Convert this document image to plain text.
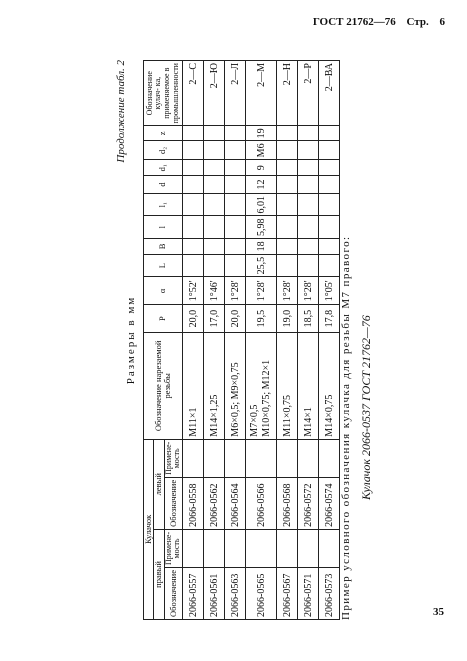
ГОСТ 21762—76 Стр. 6
Продолжение табл. 2
Размеры в мм
Кулачок				Обозначение нарезаемой резьбы	P	α	L	B	l	l₁	d	d₁	d₂	z	Обозначение кулач- ка, применяемое в промышленности
правый		левый													
Обозначение	Примене- мость	Обозначение	Примене- мость												
2066-0557		2066-0558		M11×1	20,0	1°52'									2—С
2066-0561		2066-0562		M14×1,25	17,0	1°46'									2—Ю
2066-0563		2066-0564		M6×0,5; M9×0,75	20,0	1°28'									2—Л
2066-0565		2066-0566		M7×0,5 M10×0,75; M12×1	19,5	1°28'	25,5	18	5,98	6,01	12	9	M6	19	2—M
2066-0567		2066-0568		M11×0,75	19,0	1°28'									2—Н
2066-0571		2066-0572		M14×1	18,5	1°28'									2—Р
2066-0573		2066-0574		M14×0,75	17,8	1°05'									2—ВА
Пример условного обозначения кулачка для резьбы M7 правого: Кулачок 2066-0537 ГОСТ 21762—76
35
